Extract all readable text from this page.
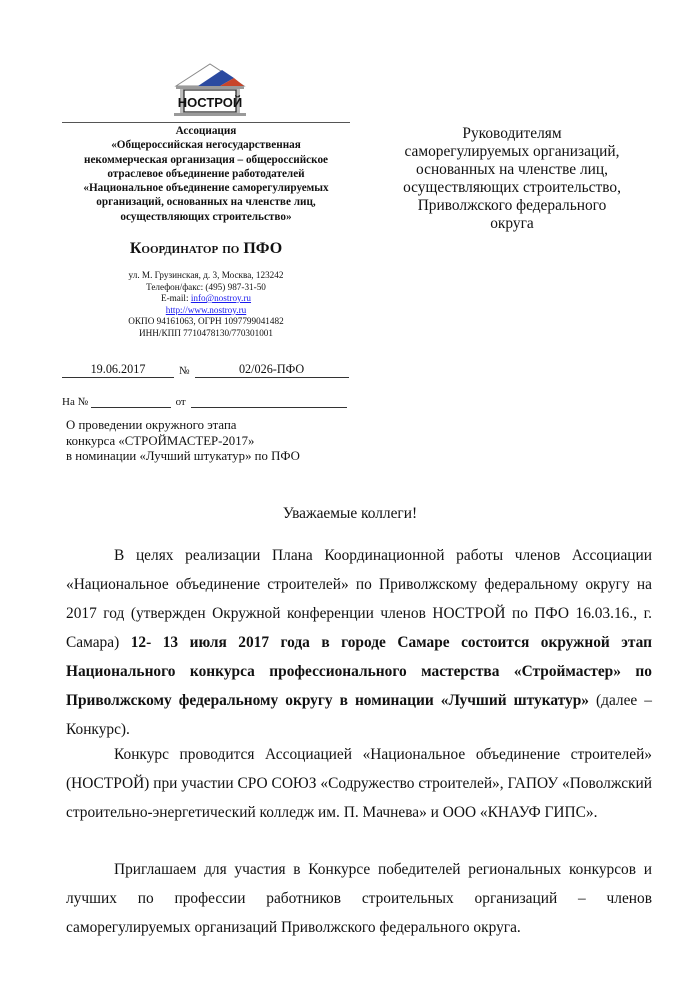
НОСТРОЙ
Ассоциация
«Общероссийская негосударственная
некоммерческая организация – общероссийское
отраслевое объединение работодателей
«Национальное объединение саморегулируемых
организаций, основанных на членстве лиц,
осуществляющих строительство»
Координатор по ПФО
ул. М. Грузинская, д. 3, Москва, 123242
Телефон/факс: (495) 987-31-50
E-mail: info@nostroy.ru
http://www.nostroy.ru
ОКПО 94161063, ОГРН 1097799041482
ИНН/КПП 7710478130/770301001
19.06.2017	№	02/026-ПФО
На №	от
О проведении окружного этапа
конкурса «СТРОЙМАСТЕР-2017»
в номинации «Лучший штукатур» по ПФО
Руководителям
саморегулируемых организаций,
основанных на членстве лиц,
осуществляющих строительство,
Приволжского федерального
округа
Уважаемые коллеги!

В целях реализации Плана Координационной работы членов Ассоциации «Национальное объединение строителей» по Приволжскому федеральному округу на 2017 год (утвержден Окружной конференции членов НОСТРОЙ по ПФО 16.03.16., г. Самара) 12- 13 июля 2017 года в городе Самаре состоится окружной этап Национального конкурса профессионального мастерства «Строймастер» по Приволжскому федеральному округу в номинации «Лучший штукатур» (далее – Конкурс).

Конкурс проводится Ассоциацией «Национальное объединение строителей» (НОСТРОЙ) при участии СРО СОЮЗ «Содружество строителей», ГАПОУ «Поволжский строительно-энергетический колледж им. П. Мачнева» и ООО «КНАУФ ГИПС».

Приглашаем для участия в Конкурсе победителей региональных конкурсов и лучших по профессии работников строительных организаций – членов саморегулируемых организаций Приволжского федерального округа.
